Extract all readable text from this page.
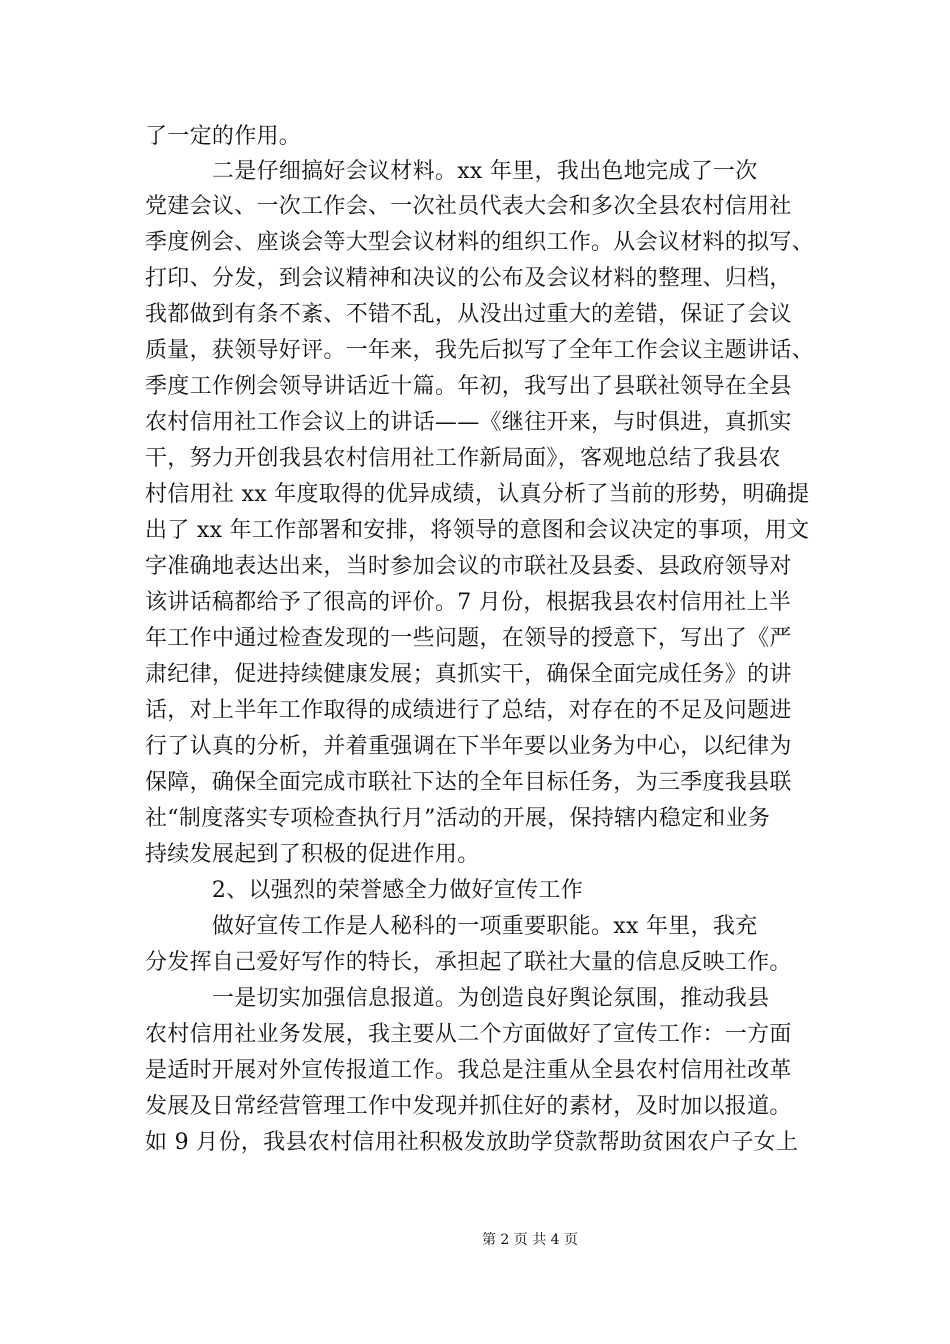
了一定的作用。
　　　二是仔细搞好会议材料。xx 年里，我出色地完成了一次
党建会议、一次工作会、一次社员代表大会和多次全县农村信用社
季度例会、座谈会等大型会议材料的组织工作。从会议材料的拟写、
打印、分发，到会议精神和决议的公布及会议材料的整理、归档，
我都做到有条不紊、不错不乱，从没出过重大的差错，保证了会议
质量，获领导好评。一年来，我先后拟写了全年工作会议主题讲话、
季度工作例会领导讲话近十篇。年初，我写出了县联社领导在全县
农村信用社工作会议上的讲话——《继往开来，与时俱进，真抓实
干，努力开创我县农村信用社工作新局面》，客观地总结了我县农
村信用社 xx 年度取得的优异成绩，认真分析了当前的形势，明确提
出了 xx 年工作部署和安排，将领导的意图和会议决定的事项，用文
字准确地表达出来，当时参加会议的市联社及县委、县政府领导对
该讲话稿都给予了很高的评价。7 月份，根据我县农村信用社上半
年工作中通过检查发现的一些问题，在领导的授意下，写出了《严
肃纪律，促进持续健康发展；真抓实干，确保全面完成任务》的讲
话，对上半年工作取得的成绩进行了总结，对存在的不足及问题进
行了认真的分析，并着重强调在下半年要以业务为中心，以纪律为
保障，确保全面完成市联社下达的全年目标任务，为三季度我县联
社“制度落实专项检查执行月”活动的开展，保持辖内稳定和业务
持续发展起到了积极的促进作用。
　　　2、以强烈的荣誉感全力做好宣传工作
　　　做好宣传工作是人秘科的一项重要职能。xx 年里，我充
分发挥自己爱好写作的特长，承担起了联社大量的信息反映工作。
　　　一是切实加强信息报道。为创造良好舆论氛围，推动我县
农村信用社业务发展，我主要从二个方面做好了宣传工作：一方面
是适时开展对外宣传报道工作。我总是注重从全县农村信用社改革
发展及日常经营管理工作中发现并抓住好的素材，及时加以报道。
如 9 月份，我县农村信用社积极发放助学贷款帮助贫困农户子女上
第 2 页 共 4 页
